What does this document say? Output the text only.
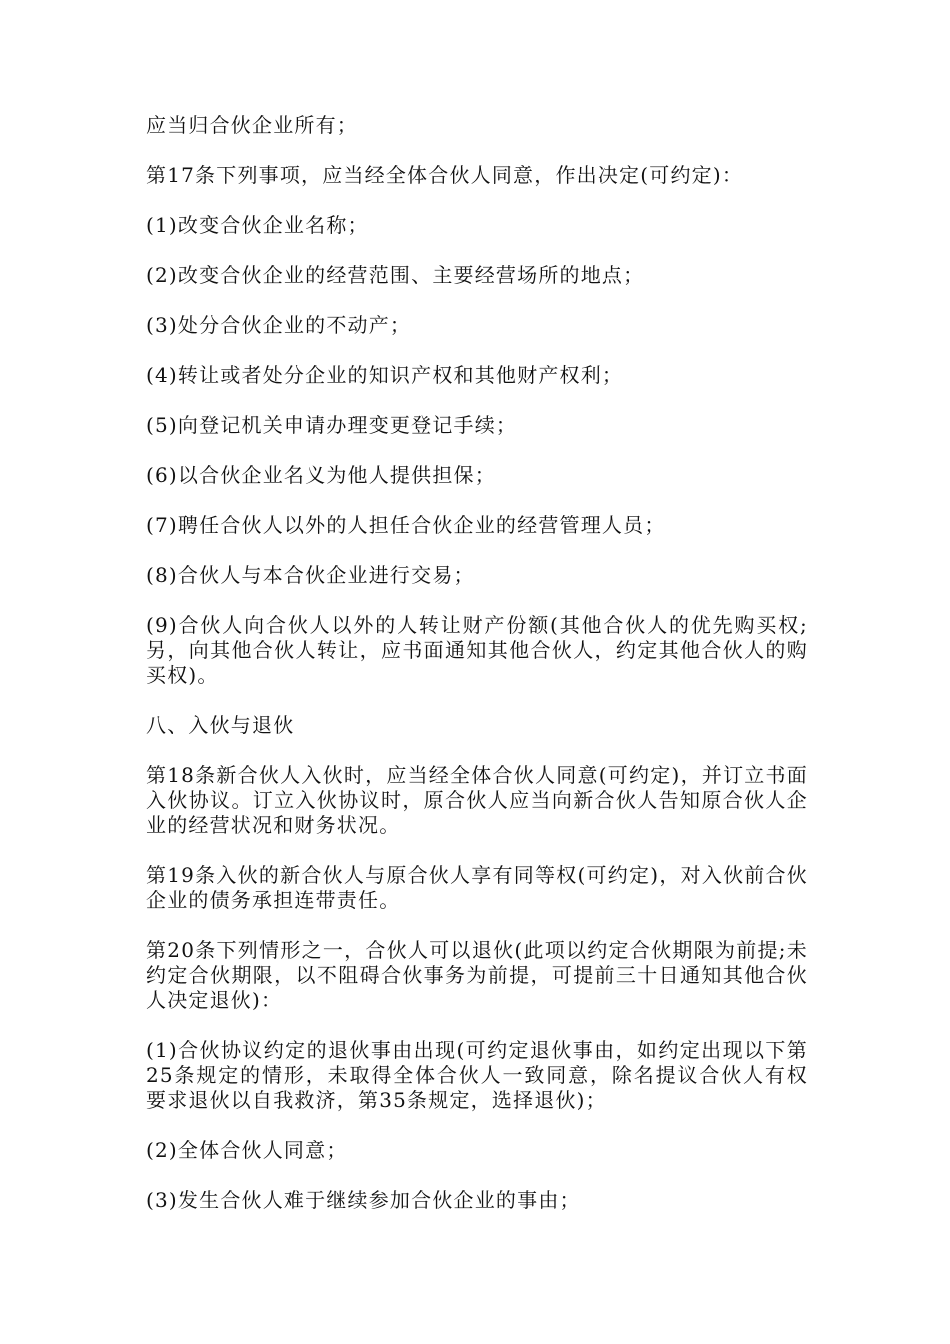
应当归合伙企业所有；

第17条下列事项，应当经全体合伙人同意，作出决定(可约定)：

(1)改变合伙企业名称；

(2)改变合伙企业的经营范围、主要经营场所的地点；

(3)处分合伙企业的不动产；

(4)转让或者处分企业的知识产权和其他财产权利；

(5)向登记机关申请办理变更登记手续；

(6)以合伙企业名义为他人提供担保；

(7)聘任合伙人以外的人担任合伙企业的经营管理人员；

(8)合伙人与本合伙企业进行交易；

(9)合伙人向合伙人以外的人转让财产份额(其他合伙人的优先购买权;另，向其他合伙人转让，应书面通知其他合伙人，约定其他合伙人的购买权)。

八、入伙与退伙

第18条新合伙人入伙时，应当经全体合伙人同意(可约定)，并订立书面入伙协议。订立入伙协议时，原合伙人应当向新合伙人告知原合伙人企业的经营状况和财务状况。

第19条入伙的新合伙人与原合伙人享有同等权(可约定)，对入伙前合伙企业的债务承担连带责任。

第20条下列情形之一，合伙人可以退伙(此项以约定合伙期限为前提;未约定合伙期限，以不阻碍合伙事务为前提，可提前三十日通知其他合伙人决定退伙)：

(1)合伙协议约定的退伙事由出现(可约定退伙事由，如约定出现以下第25条规定的情形，未取得全体合伙人一致同意，除名提议合伙人有权要求退伙以自我救济，第35条规定，选择退伙)；

(2)全体合伙人同意；

(3)发生合伙人难于继续参加合伙企业的事由；
